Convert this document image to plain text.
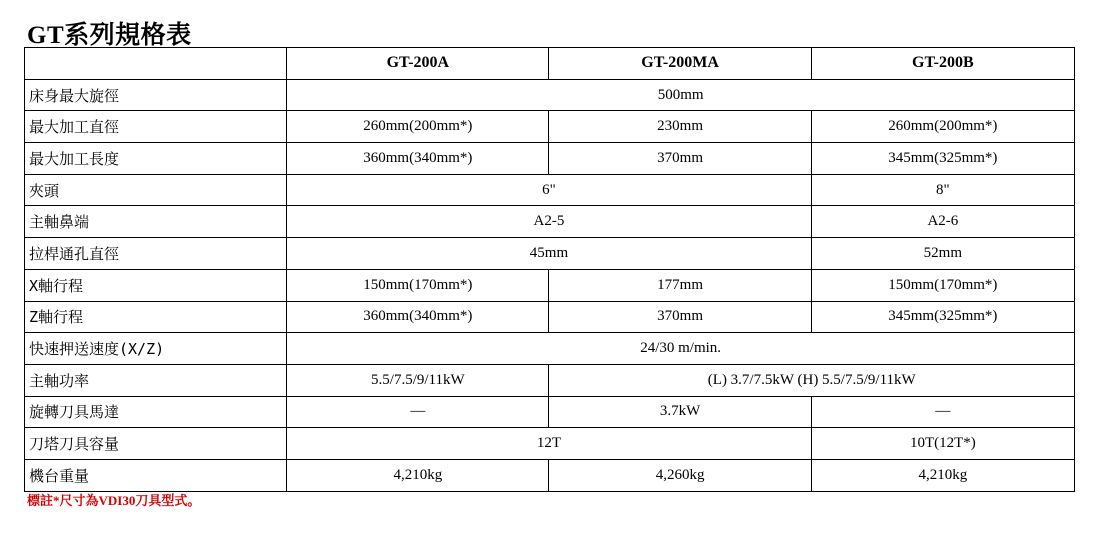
GT系列規格表
	GT-200A	GT-200MA	GT-200B
床身最大旋徑	500mm		
最大加工直徑	260mm(200mm*)	230mm	260mm(200mm*)
最大加工長度	360mm(340mm*)	370mm	345mm(325mm*)
夾頭	6"		8"
主軸鼻端	A2-5		A2-6
拉桿通孔直徑	45mm		52mm
X軸行程	150mm(170mm*)	177mm	150mm(170mm*)
Z軸行程	360mm(340mm*)	370mm	345mm(325mm*)
快速押送速度(X/Z)	24/30 m/min.		
主軸功率	5.5/7.5/9/11kW	(L) 3.7/7.5kW (H) 5.5/7.5/9/11kW	
旋轉刀具馬達	—	3.7kW	—
刀塔刀具容量	12T		10T(12T*)
機台重量	4,210kg	4,260kg	4,210kg
標註*尺寸為VDI30刀具型式。
